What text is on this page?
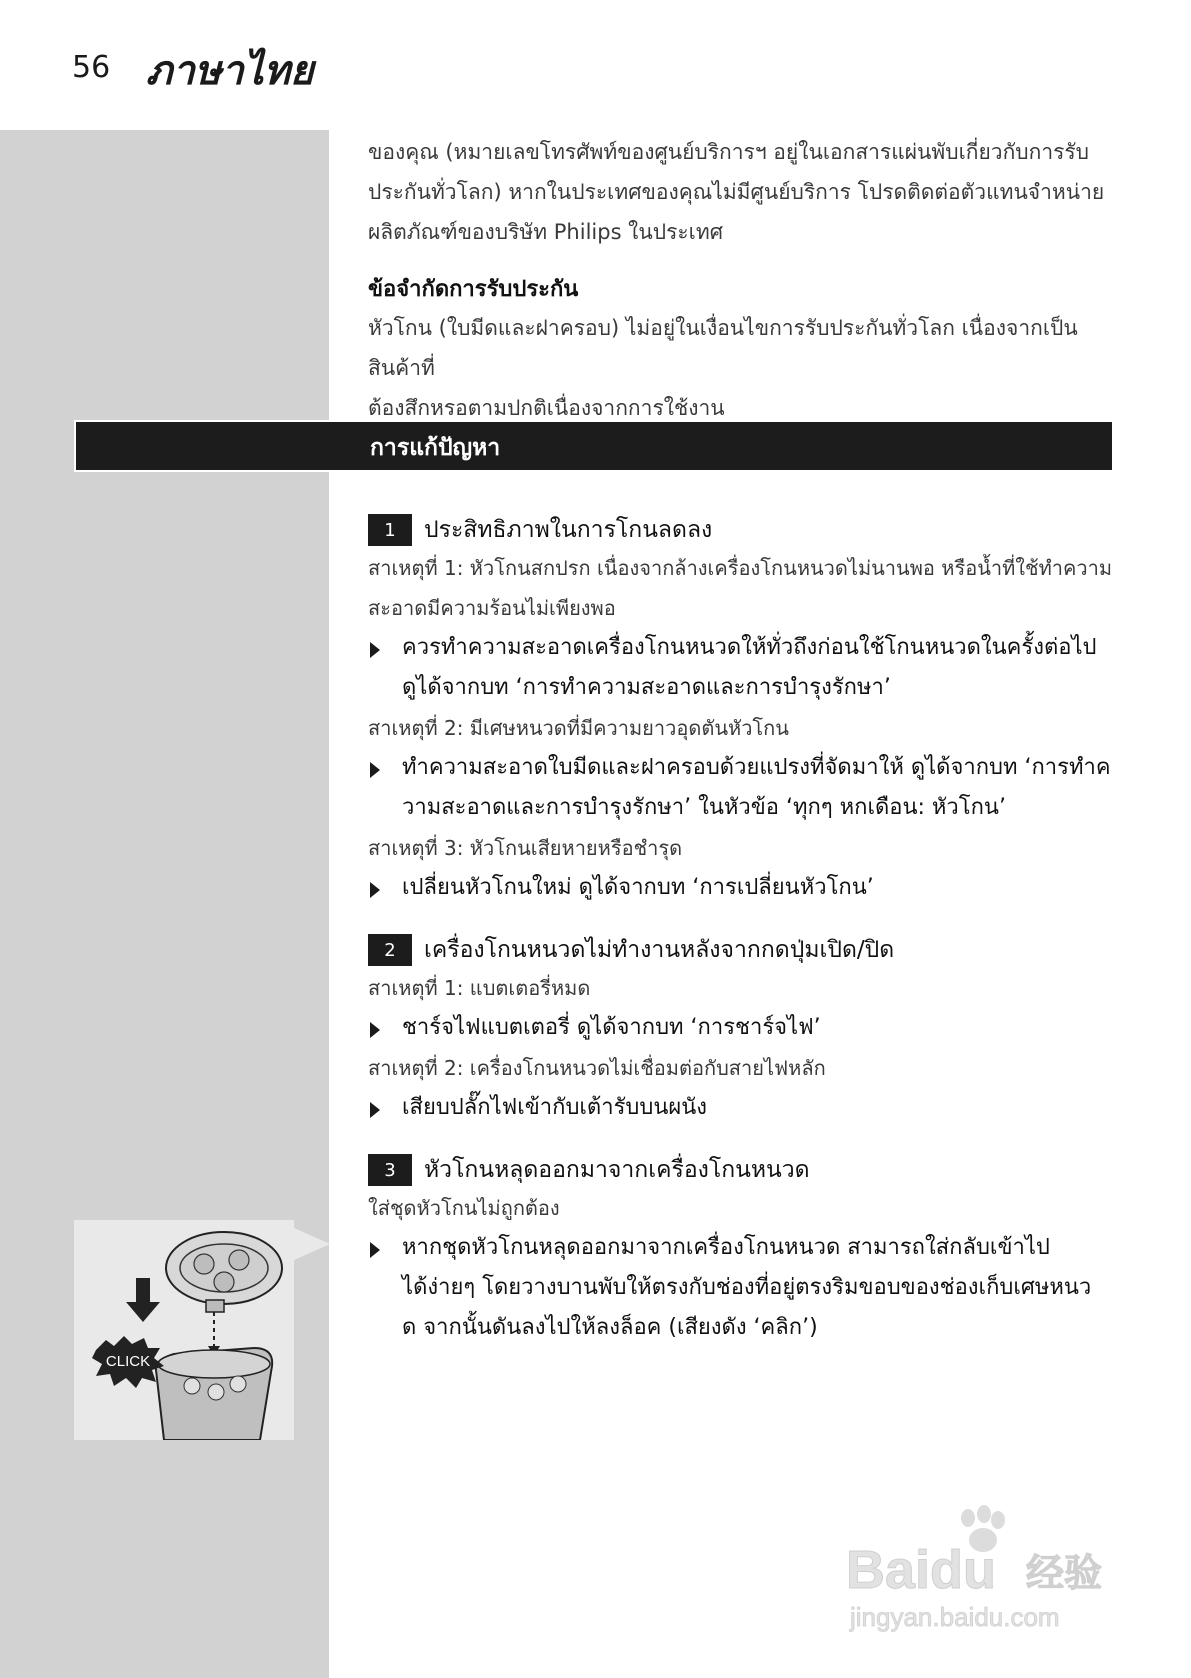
56 ภาษาไทย

ของคุณ (หมายเลขโทรศัพท์ของศูนย์บริการฯ อยู่ในเอกสารแผ่นพับเกี่ยวกับการรับ

ประกันทั่วโลก) หากในประเทศของคุณไม่มีศูนย์บริการ โปรดติดต่อตัวแทนจำหน่าย

ผลิตภัณฑ์ของบริษัท Philips ในประเทศ

ข้อจำกัดการรับประกัน

หัวโกน (ใบมีดและฝาครอบ) ไม่อยู่ในเงื่อนไขการรับประกันทั่วโลก เนื่องจากเป็นสินค้าที่

ต้องสึกหรอตามปกติเนื่องจากการใช้งาน

การแก้ปัญหา
1	ประสิทธิภาพในการโกนลดลง

สาเหตุที่ 1: หัวโกนสกปรก เนื่องจากล้างเครื่องโกนหนวดไม่นานพอ หรือน้ำที่ใช้ทำความ

สะอาดมีความร้อนไม่เพียงพอ

ควรทำความสะอาดเครื่องโกนหนวดให้ทั่วถึงก่อนใช้โกนหนวดในครั้งต่อไป

ดูได้จากบท ‘การทำความสะอาดและการบำรุงรักษา’

สาเหตุที่ 2: มีเศษหนวดที่มีความยาวอุดตันหัวโกน

ทำความสะอาดใบมีดและฝาครอบด้วยแปรงที่จัดมาให้ ดูได้จากบท ‘การทำค

วามสะอาดและการบำรุงรักษา’ ในหัวข้อ ‘ทุกๆ หกเดือน: หัวโกน’

สาเหตุที่ 3: หัวโกนเสียหายหรือชำรุด

เปลี่ยนหัวโกนใหม่ ดูได้จากบท ‘การเปลี่ยนหัวโกน’

2	เครื่องโกนหนวดไม่ทำงานหลังจากกดปุ่มเปิด/ปิด

สาเหตุที่ 1: แบตเตอรี่หมด

ชาร์จไฟแบตเตอรี่ ดูได้จากบท ‘การชาร์จไฟ’

สาเหตุที่ 2: เครื่องโกนหนวดไม่เชื่อมต่อกับสายไฟหลัก

เสียบปลั๊กไฟเข้ากับเต้ารับบนผนัง

3	หัวโกนหลุดออกมาจากเครื่องโกนหนวด

ใส่ชุดหัวโกนไม่ถูกต้อง

หากชุดหัวโกนหลุดออกมาจากเครื่องโกนหนวด สามารถใส่กลับเข้าไป

ได้ง่ายๆ โดยวางบานพับให้ตรงกับช่องที่อยู่ตรงริมขอบของช่องเก็บเศษหนว

ด จากนั้นดันลงไปให้ลงล็อค (เสียงดัง ‘คลิก’)

CLICK
Baidu 经验
jingyan.baidu.com
